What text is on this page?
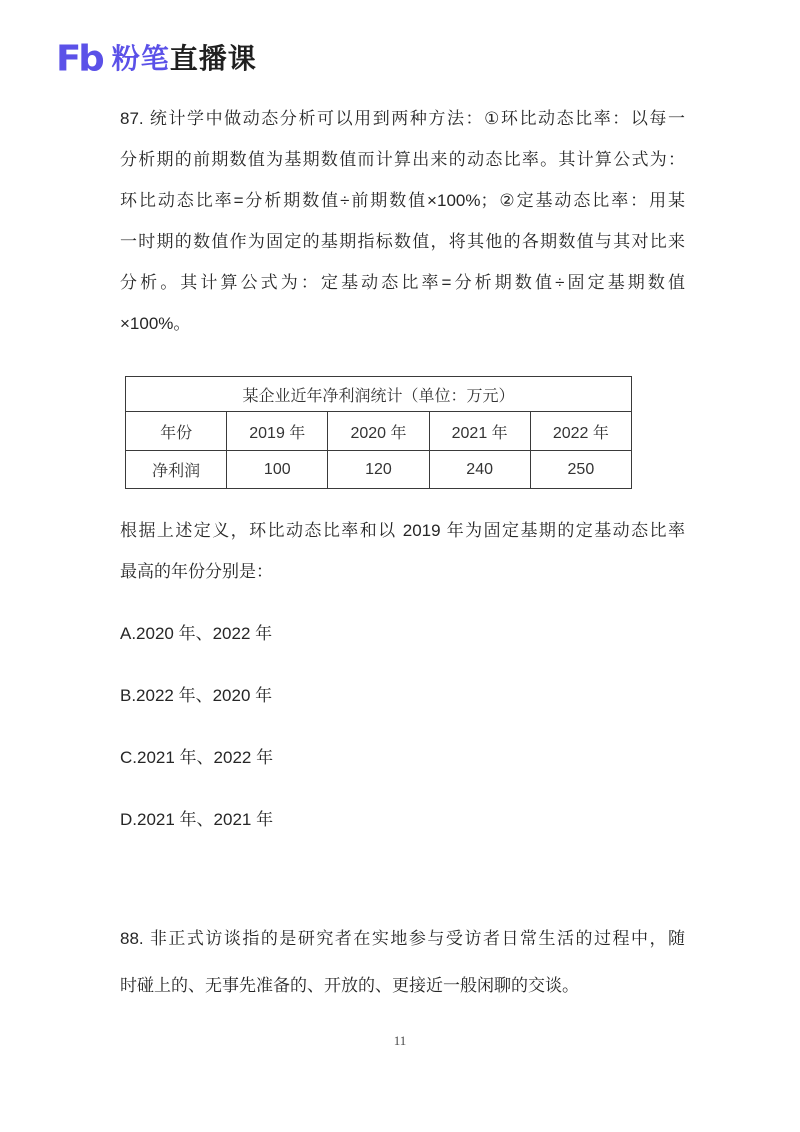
Fb 粉笔直播课
87. 统计学中做动态分析可以用到两种方法：①环比动态比率：以每一
分析期的前期数值为基期数值而计算出来的动态比率。其计算公式为：
环比动态比率=分析期数值÷前期数值×100%；②定基动态比率：用某
一时期的数值作为固定的基期指标数值，将其他的各期数值与其对比来
分析。其计算公式为：定基动态比率=分析期数值÷固定基期数值
×100%。
某企业近年净利润统计（单位：万元）				
年份	2019 年	2020 年	2021 年	2022 年
净利润	100	120	240	250
根据上述定义，环比动态比率和以 2019 年为固定基期的定基动态比率
最高的年份分别是：
A.2020 年、2022 年
B.2022 年、2020 年
C.2021 年、2022 年
D.2021 年、2021 年
88. 非正式访谈指的是研究者在实地参与受访者日常生活的过程中，随
时碰上的、无事先准备的、开放的、更接近一般闲聊的交谈。
11
